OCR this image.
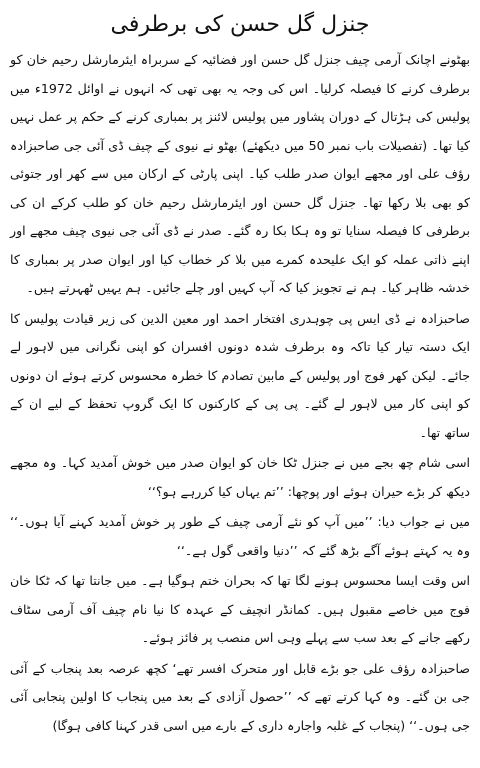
جنزل گل حسن کی برطرفی

بھٹونے اچانک آرمی چیف جنزل گل حسن اور فضائیہ کے سربراہ ایئرمارشل رحیم خان کو برطرف کرنے کا فیصلہ کرلیا۔ اس کی وجہ یہ بھی تھی کہ انہوں نے اوائل 1972ء میں پولیس کی ہڑتال کے دوران پشاور میں پولیس لائنز پر بمباری کرنے کے حکم پر عمل نہیں کیا تھا۔ (تفصیلات باب نمبر 50 میں دیکھئے) بھٹو نے نیوی کے چیف ڈی آئی جی صاحبزادہ رؤف علی اور مجھے ایوان صدر طلب کیا۔ اپنی پارٹی کے ارکان میں سے کھر اور جتوئی کو بھی بلا رکھا تھا۔ جنزل گل حسن اور ایئرمارشل رحیم خان کو طلب کرکے ان کی برطرفی کا فیصلہ سنایا تو وہ ہکا بکا رہ گئے۔ صدر نے ڈی آئی جی نیوی چیف مجھے اور اپنے ذاتی عملہ کو ایک علیحدہ کمرے میں بلا کر خطاب کیا اور ایوان صدر پر بمباری کا خدشہ ظاہر کیا۔ ہم نے تجویز کیا کہ آپ کہیں اور چلے جائیں۔ ہم یہیں ٹھہرتے ہیں۔

صاحبزادہ نے ڈی ایس پی چوہدری افتخار احمد اور معین الدین کی زیر قیادت پولیس کا ایک دستہ تیار کیا تاکہ وہ برطرف شدہ دونوں افسران کو اپنی نگرانی میں لاہور لے جائے۔ لیکن کھر فوج اور پولیس کے مابین تصادم کا خطرہ محسوس کرتے ہوئے ان دونوں کو اپنی کار میں لاہور لے گئے۔ پی پی کے کارکنوں کا ایک گروپ تحفظ کے لیے ان کے ساتھ تھا۔

اسی شام چھ بجے میں نے جنزل ٹکا خان کو ایوان صدر میں خوش آمدید کہا۔ وہ مجھے دیکھ کر بڑے حیران ہوئے اور پوچھا: ’’تم یہاں کیا کررہے ہو؟‘‘

میں نے جواب دیا: ’’میں آپ کو نئے آرمی چیف کے طور پر خوش آمدید کہنے آیا ہوں۔‘‘ وہ یہ کہتے ہوئے آگے بڑھ گئے کہ ’’دنیا واقعی گول ہے۔‘‘

اس وقت ایسا محسوس ہونے لگا تھا کہ بحران ختم ہوگیا ہے۔ میں جانتا تھا کہ ٹکا خان فوج میں خاصے مقبول ہیں۔ کمانڈر انچیف کے عہدہ کا نیا نام چیف آف آرمی سٹاف رکھے جانے کے بعد سب سے پہلے وہی اس منصب پر فائز ہوئے۔

صاحبزادہ رؤف علی جو بڑے قابل اور متحرک افسر تھے‘ کچھ عرصہ بعد پنجاب کے آئی جی بن گئے۔ وہ کہا کرتے تھے کہ ’’حصول آزادی کے بعد میں پنجاب کا اولین پنجابی آئی جی ہوں۔‘‘ (پنجاب کے غلبہ واجارہ داری کے بارے میں اسی قدر کہنا کافی ہوگا)
